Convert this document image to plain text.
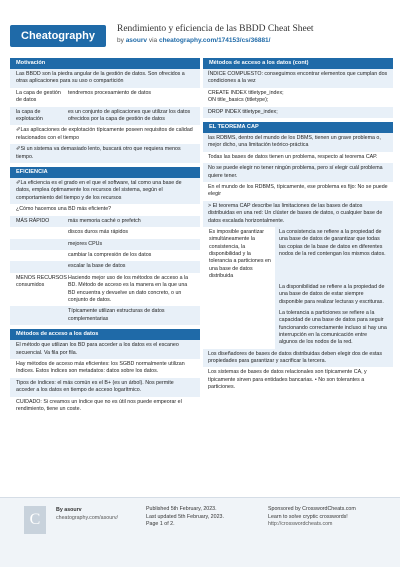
Cheatography
Rendimiento y eficiencia de las BBDD Cheat Sheet
by asourv via cheatography.com/174153/cs/36881/
Motivación

Las BBDD son la piedra angular de la gestión de datos. Son ofrecidos a otras aplicaciones para su uso o compartición

La capa de gestión de datos
tendremos procesamiento de datos
la capa de explotación
es un conjunto de aplicaciones que utilizar los datos ofrecidos por la capa de gestión de datos

✐Las aplicaciones de explotación típicamente poseen requisitos de calidad relacionados con el tiempo

✐Si un sistema va demasiado lento, buscará otro que requiera menos tiempo.

EFICIENCIA

✐La eficiencia es el grado en el que el software, tal como una base de datos, emplea óptimamente los recursos del sistema, según el comportamiento del tiempo y de los recursos

¿Cómo hacemos una BD más eficiente?

MÁS RÁPIDO	más memoria caché o prefetch
discos duros más rápidos
mejores CPUs
cambiar la compresión de los datos
escalar la base de datos
MENOS RECURSOS consumidos
Haciendo mejor uso de los métodos de acceso a la BD. Método de acceso es la manera en la que una BD encuentra y devuelve un dato concreto, o un conjunto de datos.
Típicamente utilizan estructuras de datos complementarias
Métodos de acceso a los datos

El método que utilizan los BD para acceder a los datos es el escaneo secuencial. Va fila por fila.

Hay métodos de acceso más eficientes: los SGBD normalmente utilizan índices. Estos índices son metadatos: datos sobre los datos.

Tipos de índices: el más común es el B+ (es un árbol). Nos permite acceder a los datos en tiempo de acceso logarítmico.

CUIDADO: Si creamos un índice que no es útil nos puede empeorar el rendimiento, tiene un coste.

Métodos de acceso a los datos (cont)

ÍNDICE COMPUESTO: conseguimos encontrar elementos que cumplan dos condiciones a la vez

CREATE INDEX titletype_index;
ON title_basics (titletype);

DROP INDEX titletype_index;

EL TEOREMA CAP

las RDBMS, dentro del mundo de los DBMS, tienen un grave problema o, mejor dicho, una limitación teórico-práctica

Todas las bases de datos tienen un problema, respecto al teorema CAP.

No se puede elegir no tener ningún problema, pero sí elegir cuál problema quiere tener.

En el mundo de los RDBMS, típicamente, ese problema es fijo: No se puede elegir

> El teorema CAP describe las limitaciones de las bases de datos distribuidas en una red: Un clúster de bases de datos, o cualquier base de datos escalada horizontalmente.

Es imposible garantizar simultáneamente la consistencia, la disponibilidad y la tolerancia a particiones en una base de datos distribuida
La consistencia se refiere a la propiedad de una base de datos de garantizar que todas las copias de la base de datos en diferentes nodos de la red contengan los mismos datos.
La disponibilidad se refiere a la propiedad de una base de datos de estar siempre disponible para realizar lecturas y escrituras.
La tolerancia a particiones se refiere a la capacidad de una base de datos para seguir funcionando correctamente incluso si hay una interrupción en la comunicación entre algunos de los nodos de la red.

Los diseñadores de bases de datos distribuidas deben elegir dos de estas propiedades para garantizar y sacrificar la tercera.

Los sistemas de bases de datos relacionales son típicamente CA, y típicamente sirven para entidades bancarias. • No son tolerantes a particiones.

C
By asourv
cheatography.com/asourv/
Published 5th February, 2023.
Last updated 5th February, 2023.
Page 1 of 2.
Sponsored by CrosswordCheats.com
Learn to solve cryptic crosswords!
http://crosswordcheats.com
